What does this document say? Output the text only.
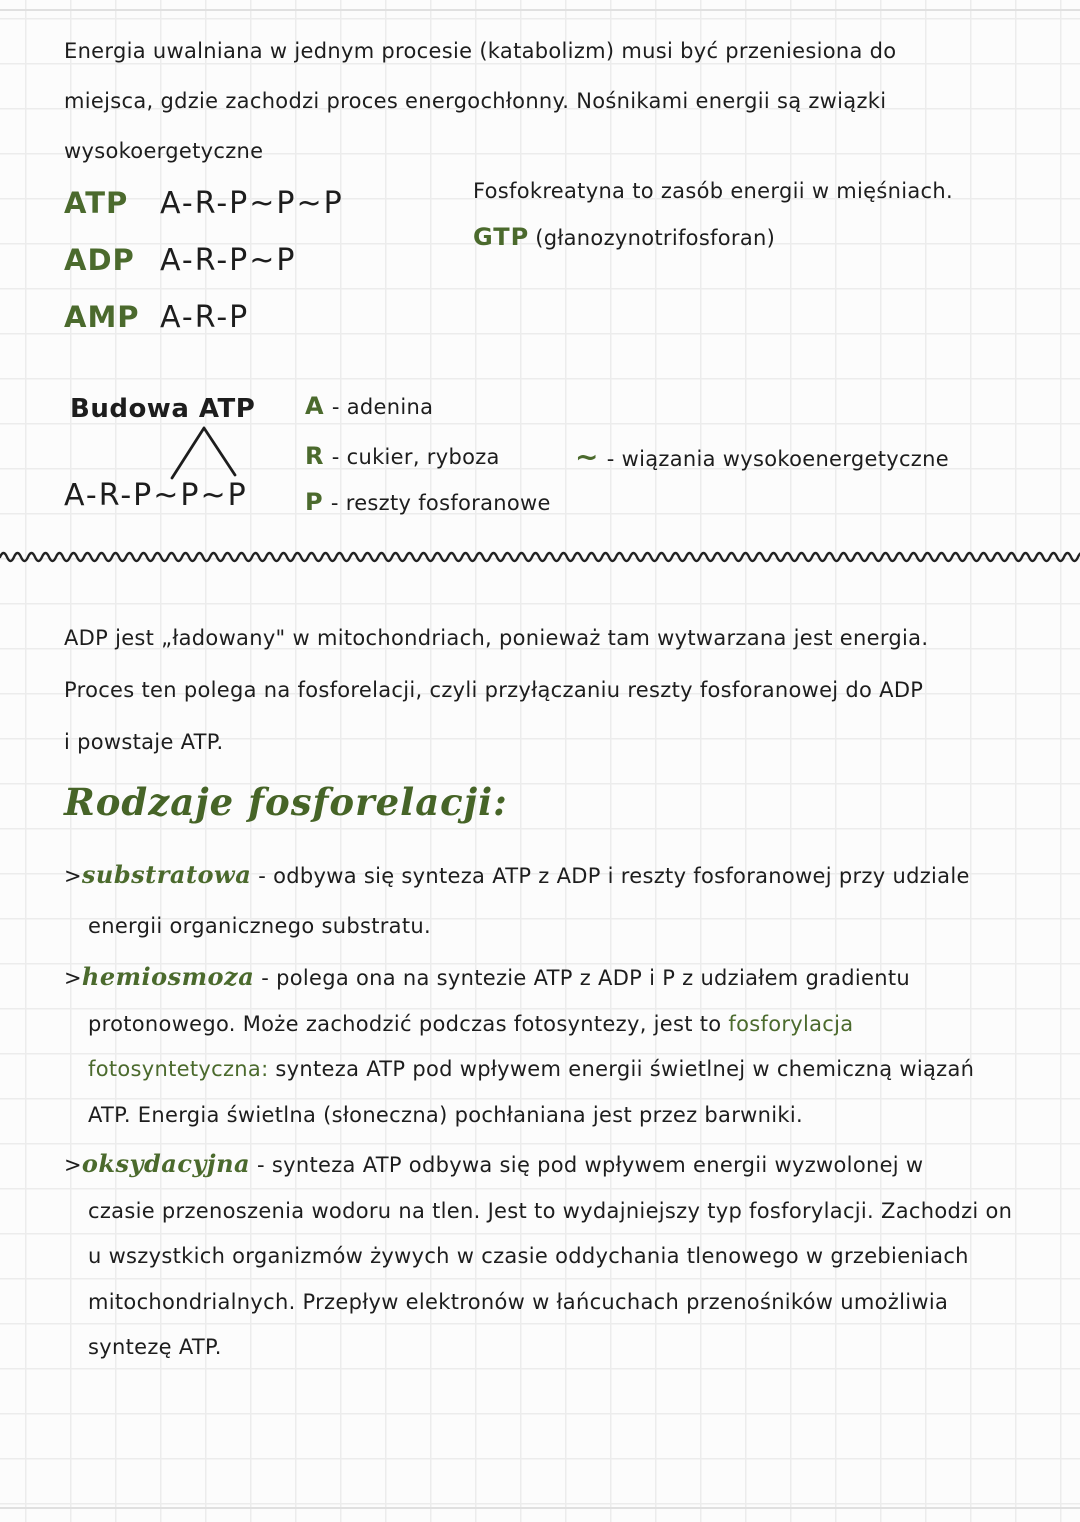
Energia uwalniana w jednym procesie (katabolizm) musi być przeniesiona do
miejsca, gdzie zachodzi proces energochłonny. Nośnikami energii są związki
wysokoergetyczne
ATP	A-R-P~P~P
ADP A-R-P~P
AMP A-R-P
Fosfokreatyna to zasób energii w mięśniach.
GTP (głanozynotrifosforan)
Budowa ATP
A-R-P~P~P
A - adenina
R - cukier, ryboza
P - reszty fosforanowe
~ - wiązania wysokoenergetyczne
ADP jest „ładowany" w mitochondriach, ponieważ tam wytwarzana jest energia.
Proces ten polega na fosforelacji, czyli przyłączaniu reszty fosforanowej do ADP
i powstaje ATP.
Rodzaje fosforelacji:
>substratowa - odbywa się synteza ATP z ADP i reszty fosforanowej przy udziale
energii organicznego substratu.
>hemiosmoza - polega ona na syntezie ATP z ADP i P z udziałem gradientu
protonowego. Może zachodzić podczas fotosyntezy, jest to fosforylacja
fotosyntetyczna: synteza ATP pod wpływem energii świetlnej w chemiczną wiązań
ATP. Energia świetlna (słoneczna) pochłaniana jest przez barwniki.
>oksydacyjna - synteza ATP odbywa się pod wpływem energii wyzwolonej w
czasie przenoszenia wodoru na tlen. Jest to wydajniejszy typ fosforylacji. Zachodzi on
u wszystkich organizmów żywych w czasie oddychania tlenowego w grzebieniach
mitochondrialnych. Przepływ elektronów w łańcuchach przenośników umożliwia
syntezę ATP.
